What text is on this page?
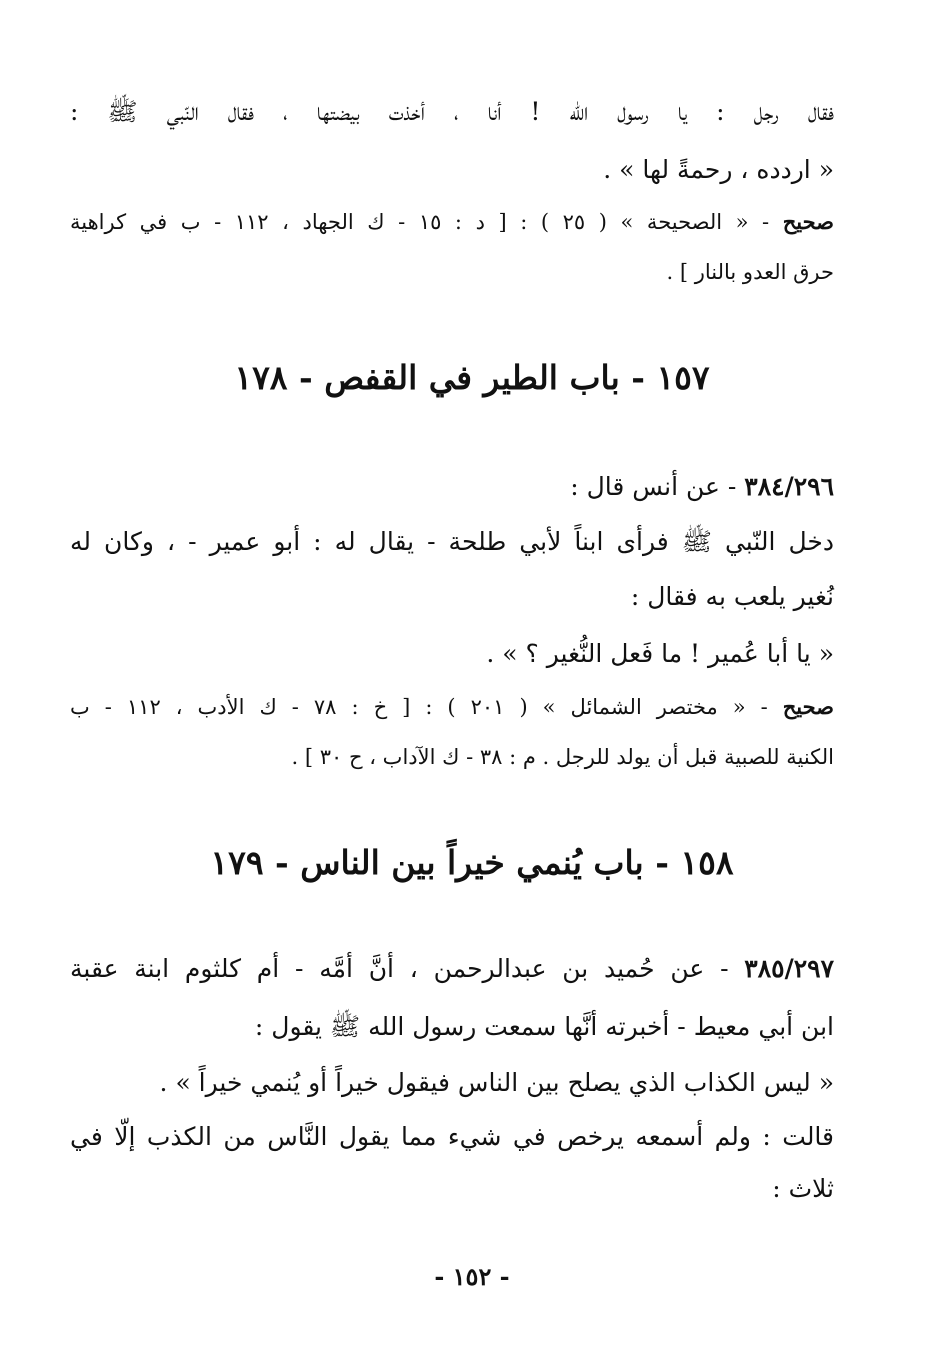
فقال رجل : يا رسول الله ! أنا ، أخذت بيضتها ، فقال النّبي ﷺ :
« اردده ، رحمةً لها » .
صحيح - « الصحيحة » ( ٢٥ ) : [ د : ١٥ - ك الجهاد ، ١١٢ - ب في كراهية
حرق العدو بالنار ] .
١٥٧ - باب الطير في القفص - ١٧٨
٣٨٤/٢٩٦ - عن أنس قال :
دخل النّبي ﷺ فرأى ابناً لأبي طلحة - يقال له : أبو عمير - ، وكان له
نُغير يلعب به فقال :
« يا أبا عُمير ! ما فَعل النُّغير ؟ » .
صحيح - « مختصر الشمائل » ( ٢٠١ ) : [ خ : ٧٨ - ك الأدب ، ١١٢ - ب
الكنية للصبية قبل أن يولد للرجل . م : ٣٨ - ك الآداب ، ح ٣٠ ] .
١٥٨ - باب يُنمي خيراً بين الناس - ١٧٩
٣٨٥/٢٩٧ - عن حُميد بن عبدالرحمن ، أنَّ أمَّه - أم كلثوم ابنة عقبة
ابن أبي معيط - أخبرته أنَّها سمعت رسول الله ﷺ يقول :
« ليس الكذاب الذي يصلح بين الناس فيقول خيراً أو يُنمي خيراً » .
قالت : ولم أسمعه يرخص في شيء مما يقول النَّاس من الكذب إلّا في
ثلاث :
- ١٥٢ -
